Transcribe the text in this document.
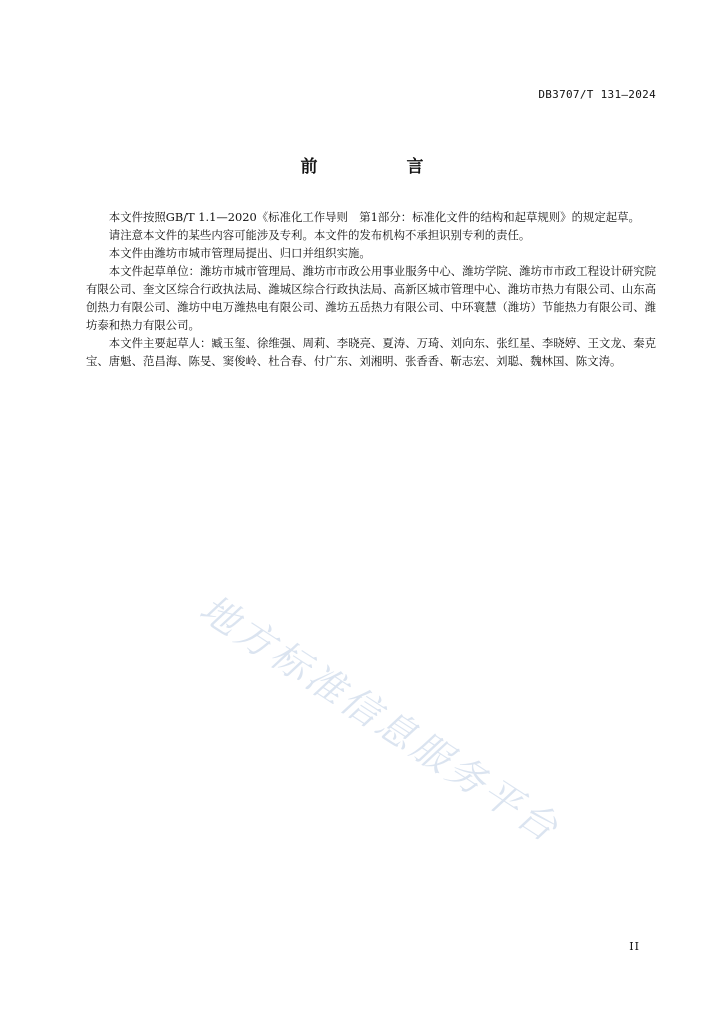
DB3707/T 131—2024
前　言

本文件按照GB/T 1.1—2020《标准化工作导则　第1部分：标准化文件的结构和起草规则》的规定起草。

请注意本文件的某些内容可能涉及专利。本文件的发布机构不承担识别专利的责任。

本文件由潍坊市城市管理局提出、归口并组织实施。

本文件起草单位：潍坊市城市管理局、潍坊市市政公用事业服务中心、潍坊学院、潍坊市市政工程设计研究院有限公司、奎文区综合行政执法局、潍城区综合行政执法局、高新区城市管理中心、潍坊市热力有限公司、山东高创热力有限公司、潍坊中电万潍热电有限公司、潍坊五岳热力有限公司、中环寰慧（潍坊）节能热力有限公司、潍坊泰和热力有限公司。

本文件主要起草人：臧玉玺、徐维强、周莉、李晓亮、夏涛、万琦、刘向东、张红星、李晓婷、王文龙、秦克宝、唐魁、范昌海、陈旻、窦俊岭、杜合春、付广东、刘湘明、张香香、靳志宏、刘聪、魏林国、陈文涛。

地方标准信息服务平台
II
